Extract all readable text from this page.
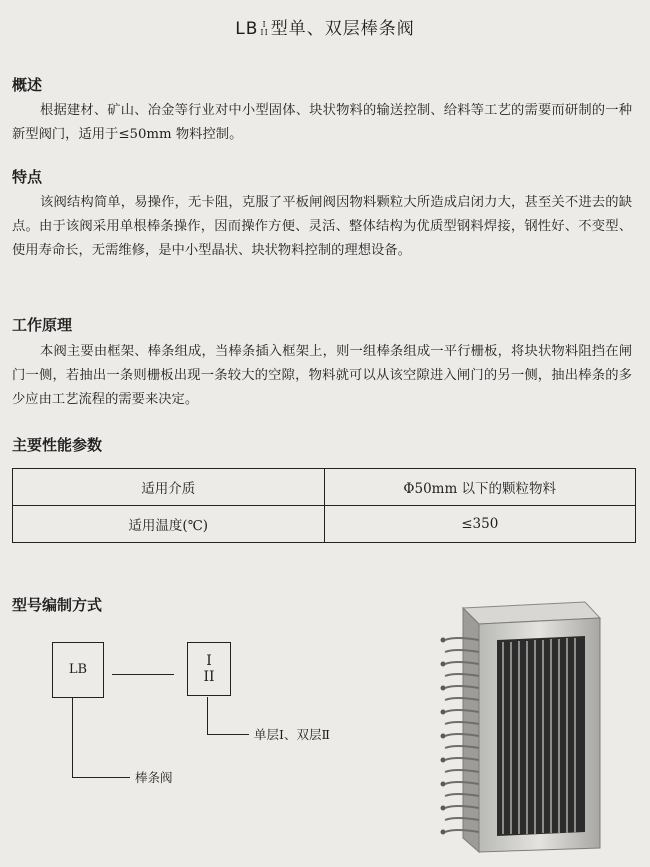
LB I
II 型单、双层棒条阀
概述
根据建材、矿山、冶金等行业对中小型固体、块状物料的输送控制、给料等工艺的需要而研制的一种新型阀门，适用于≤50mm 物料控制。
特点
该阀结构简单，易操作，无卡阻，克服了平板闸阀因物料颗粒大所造成启闭力大，甚至关不进去的缺点。由于该阀采用单根棒条操作，因而操作方便、灵活、整体结构为优质型钢料焊接，钢性好、不变型、使用寿命长，无需维修，是中小型晶状、块状物料控制的理想设备。
工作原理
本阀主要由框架、棒条组成，当棒条插入框架上，则一组棒条组成一平行栅板，将块状物料阻挡在闸门一侧，若抽出一条则栅板出现一条较大的空隙，物料就可以从该空隙进入闸门的另一侧，抽出棒条的多少应由工艺流程的需要来决定。
主要性能参数
适用介质	Φ50mm 以下的颗粒物料
适用温度(℃)	≤350
型号编制方式
LB
I
II
单层Ⅰ、双层Ⅱ
棒条阀
